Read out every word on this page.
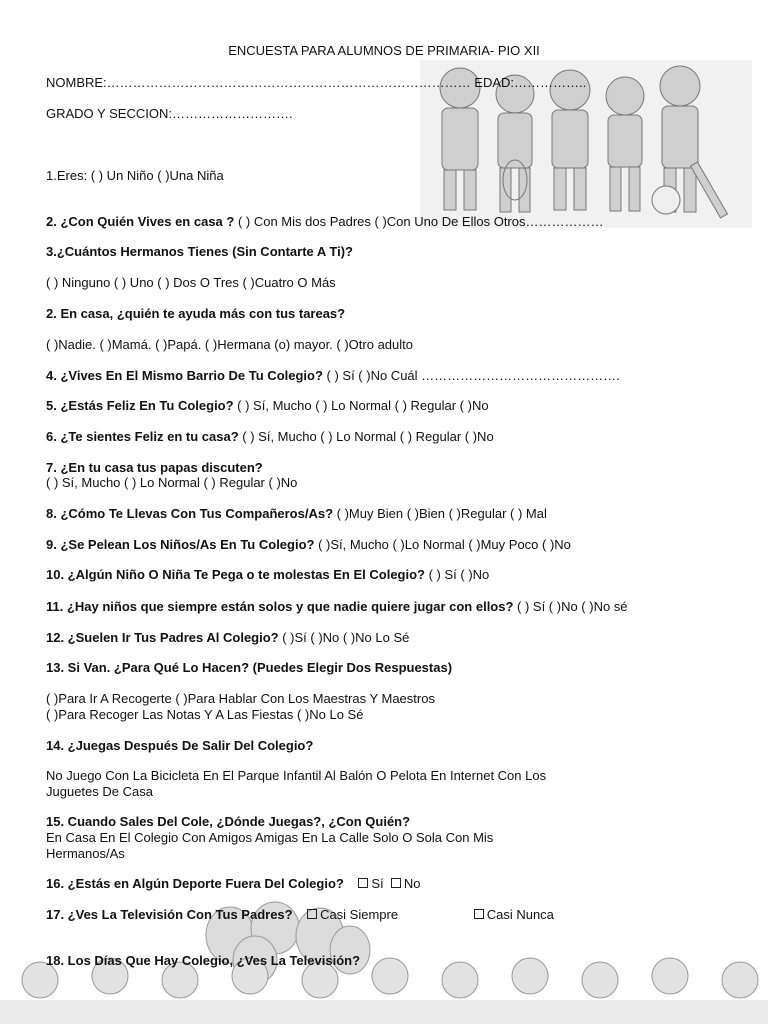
ENCUESTA PARA ALUMNOS DE PRIMARIA- PIO XII
NOMBRE:………………………………………………………………………… EDAD:……………..
GRADO Y SECCION:……………………….
1.Eres: ( ) Un Niño ( )Una Niña
2. ¿Con Quién Vives en casa ? ( ) Con Mis dos Padres ( )Con Uno De Ellos Otros………………
3.¿Cuántos Hermanos Tienes (Sin Contarte A Ti)?
( ) Ninguno ( ) Uno ( ) Dos O Tres ( )Cuatro O Más
2. En casa, ¿quién te ayuda más con tus tareas?
( )Nadie. ( )Mamá. ( )Papá. ( )Hermana (o) mayor. ( )Otro adulto
4. ¿Vives En El Mismo Barrio De Tu Colegio? ( ) Sí ( )No Cuál ……………………………………….
5. ¿Estás Feliz En Tu Colegio? ( ) Sí, Mucho ( ) Lo Normal ( ) Regular ( )No
6. ¿Te sientes Feliz en tu casa? ( ) Sí, Mucho ( ) Lo Normal ( ) Regular ( )No
7. ¿En tu casa tus papas discuten?
( ) Sí, Mucho ( ) Lo Normal ( ) Regular ( )No
8. ¿Cómo Te Llevas Con Tus Compañeros/As? ( )Muy Bien ( )Bien ( )Regular ( ) Mal
9. ¿Se Pelean Los Niños/As En Tu Colegio? ( )Sí, Mucho ( )Lo Normal ( )Muy Poco ( )No
10. ¿Algún Niño O Niña Te Pega o te molestas En El Colegio? ( ) Sí ( )No
11. ¿Hay niños que siempre están solos y que nadie quiere jugar con ellos? ( ) Sí ( )No ( )No sé
12. ¿Suelen Ir Tus Padres Al Colegio? ( )Sí ( )No ( )No Lo Sé
13. Si Van. ¿Para Qué Lo Hacen? (Puedes Elegir Dos Respuestas)
( )Para Ir A Recogerte ( )Para Hablar Con Los Maestras Y Maestros
( )Para Recoger Las Notas Y A Las Fiestas ( )No Lo Sé
14. ¿Juegas Después De Salir Del Colegio?
No Juego Con La Bicicleta En El Parque Infantil Al Balón O Pelota En Internet Con Los
Juguetes De Casa
15. Cuando Sales Del Cole, ¿Dónde Juegas?, ¿Con Quién?
En Casa En El Colegio Con Amigos Amigas En La Calle Solo O Sola Con Mis
Hermanos/As
16. ¿Estás en Algún Deporte Fuera Del Colegio? Sí No
17. ¿Ves La Televisión Con Tus Padres? Casi Siempre	Casi Nunca
18. Los Días Que Hay Colegio, ¿Ves La Televisión?
